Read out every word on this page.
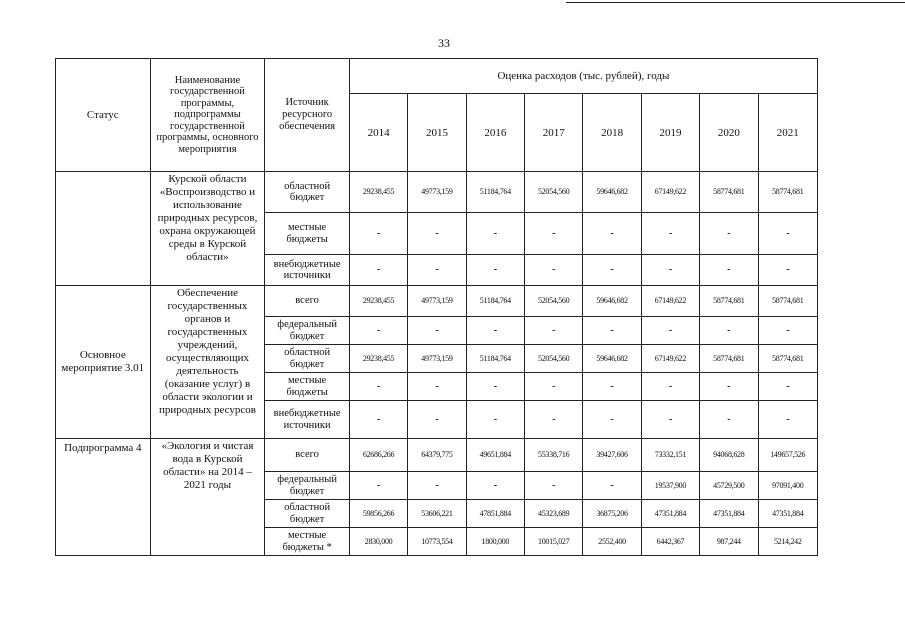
33
Статус	Наименование государственной программы, подпрограммы государственной программы, основного мероприятия	Источник ресурсного обеспечения	Оценка расходов (тыс. рублей), годы							
			2014	2015	2016	2017	2018	2019	2020	2021
	Курской области «Воспроизводство и использование природных ресурсов, охрана окружающей среды в Курской области»	областной бюджет	29238,455	49773,159	51184,764	52054,560	59646,682	67149,622	58774,681	58774,681
		местные бюджеты	-	-	-	-	-	-	-	-
		внебюджетные источники	-	-	-	-	-	-	-	-
Основное мероприятие 3.01	Обеспечение государственных органов и государственных учреждений, осуществляющих деятельность (оказание услуг) в области экологии и природных ресурсов	всего	29238,455	49773,159	51184,764	52054,560	59646,682	67149,622	58774,681	58774,681
		федеральный бюджет	-	-	-	-	-	-	-	-
		областной бюджет	29238,455	49773,159	51184,764	52054,560	59646,682	67149,622	58774,681	58774,681
		местные бюджеты	-	-	-	-	-	-	-	-
		внебюджетные источники	-	-	-	-	-	-	-	-
Подпрограмма 4	«Экология и чистая вода в Курской области» на 2014 – 2021 годы	всего	62686,266	64379,775	49651,884	55338,716	39427,606	73332,151	94068,628	149657,526
		федеральный бюджет	-	-	-	-	-	19537,900	45729,500	97091,400
		областной бюджет	59856,266	53606,221	47851,884	45323,689	36875,206	47351,884	47351,884	47351,884
		местные бюджеты *	2830,000	10773,554	1800,000	10015,027	2552,400	6442,367	987,244	5214,242
